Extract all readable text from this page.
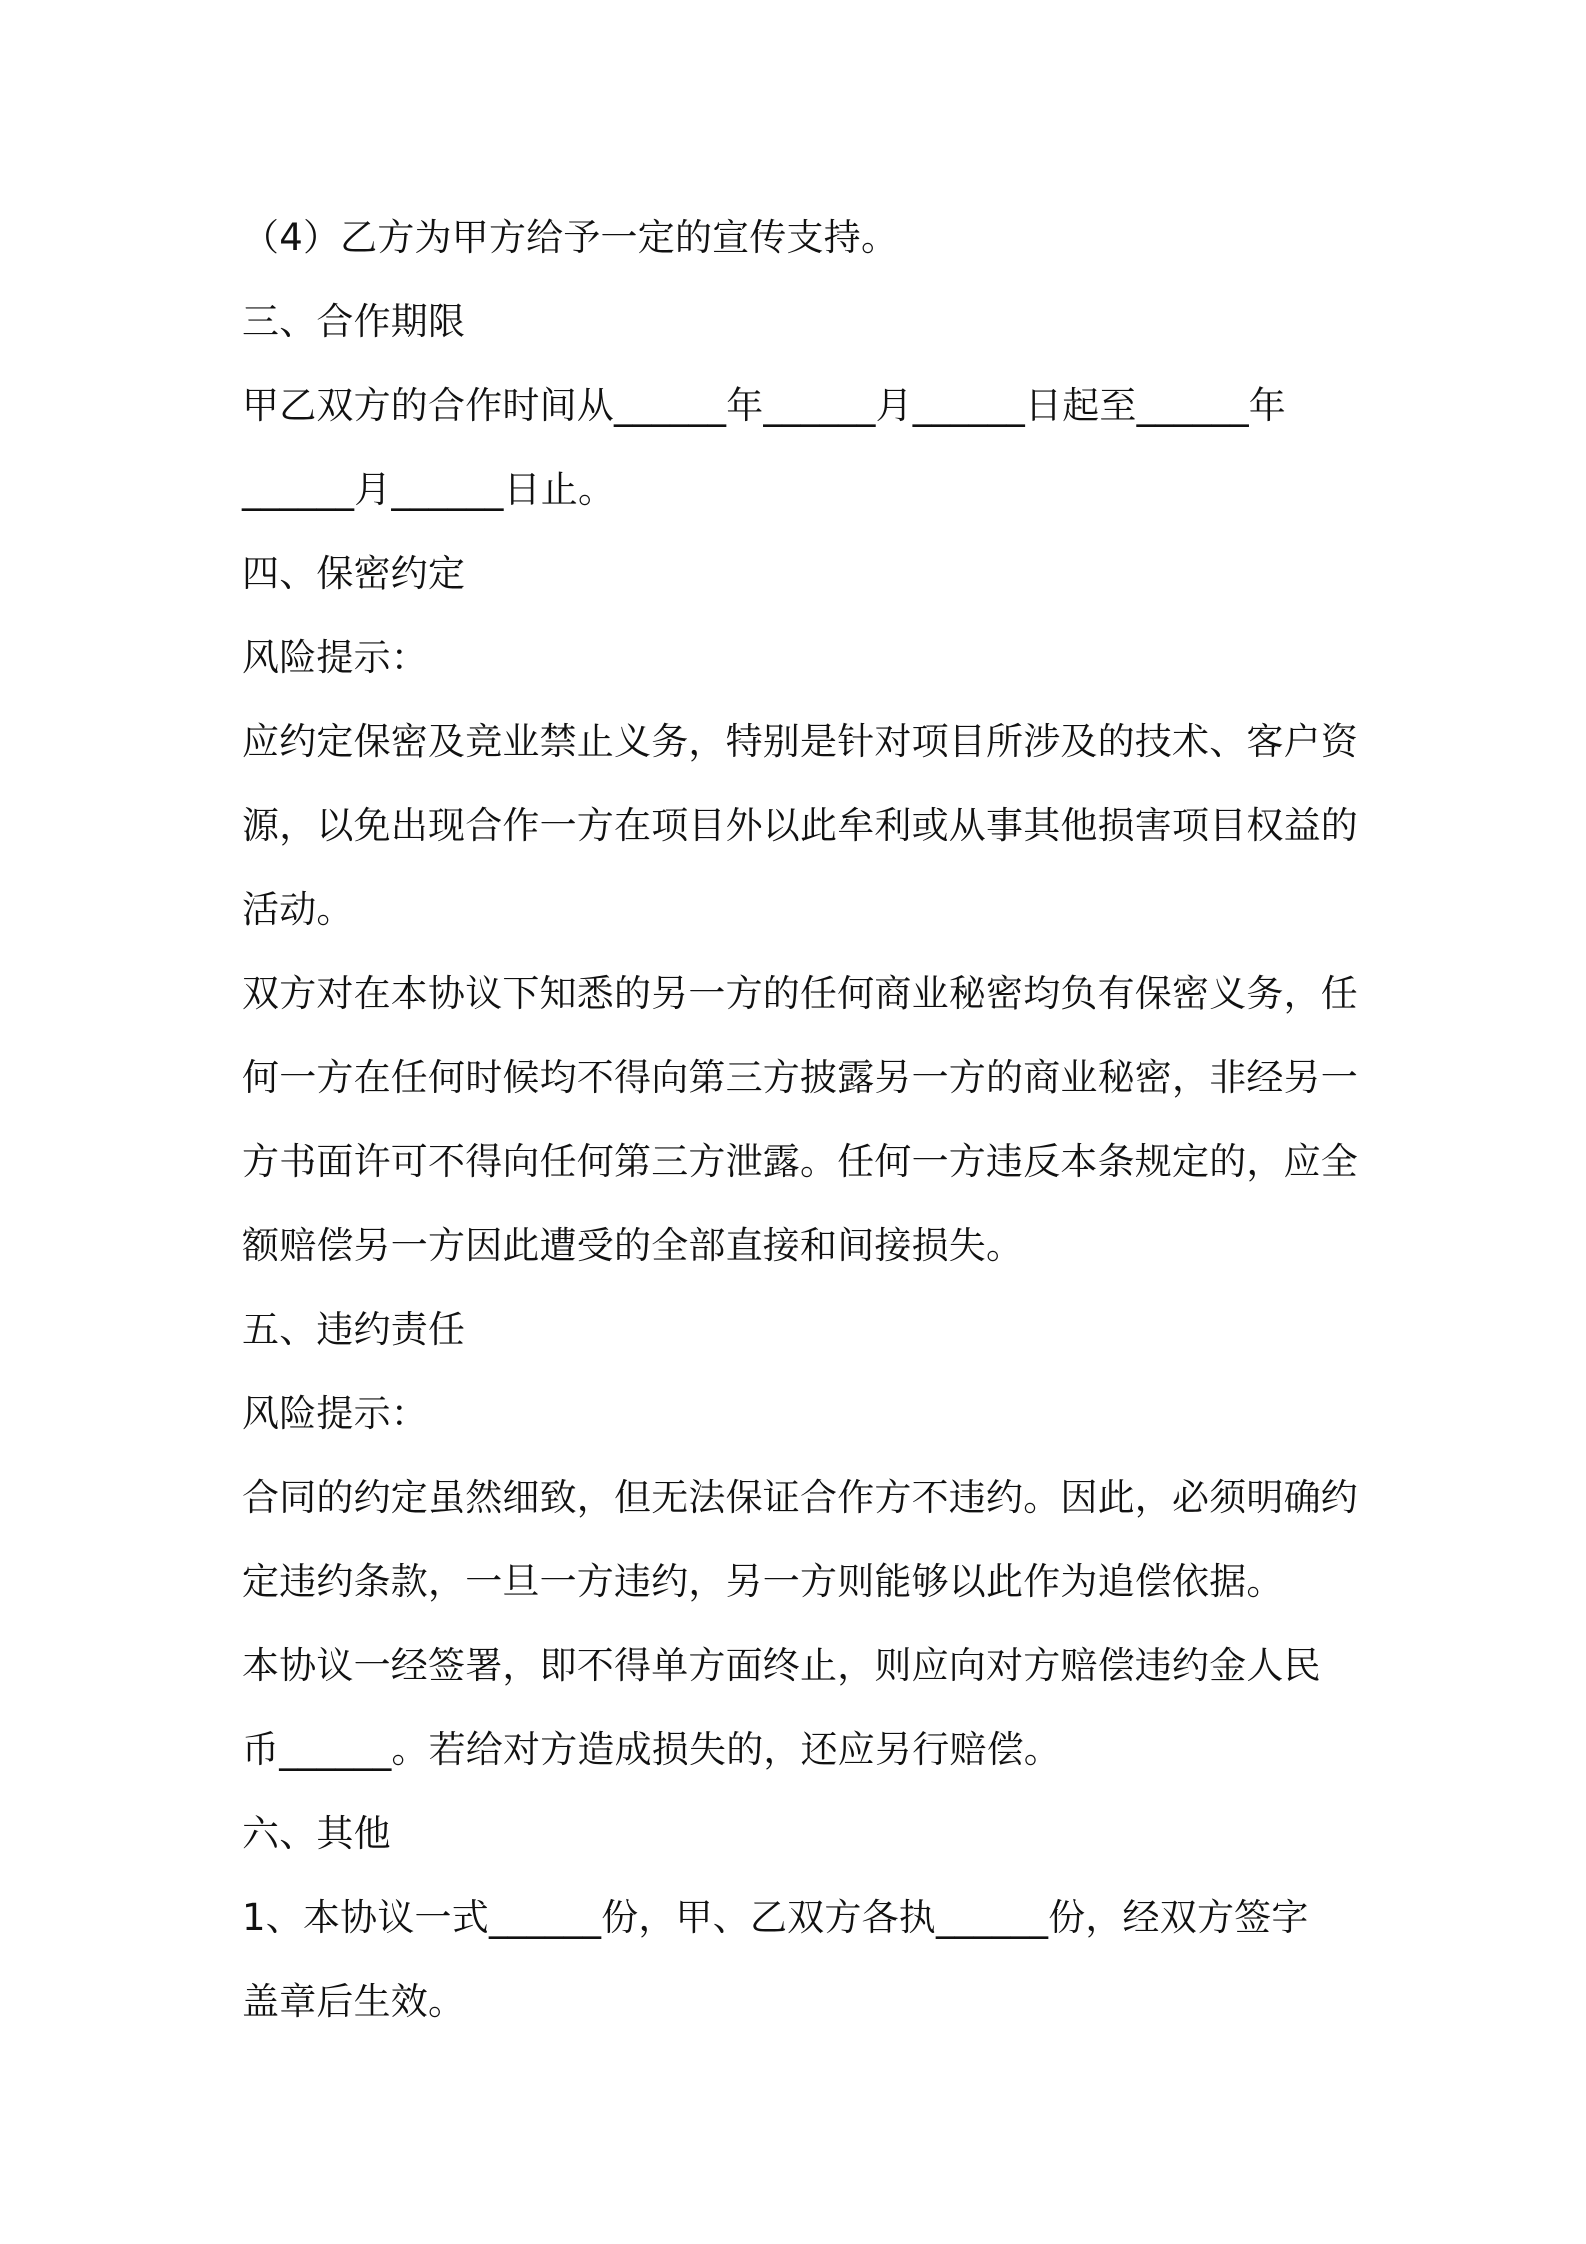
（4）乙方为甲方给予一定的宣传支持。
三、合作期限
甲乙双方的合作时间从______年______月______日起至______年
______月______日止。
四、保密约定
风险提示：
应约定保密及竞业禁止义务，特别是针对项目所涉及的技术、客户资
源，以免出现合作一方在项目外以此牟利或从事其他损害项目权益的
活动。
双方对在本协议下知悉的另一方的任何商业秘密均负有保密义务，任
何一方在任何时候均不得向第三方披露另一方的商业秘密，非经另一
方书面许可不得向任何第三方泄露。任何一方违反本条规定的，应全
额赔偿另一方因此遭受的全部直接和间接损失。
五、违约责任
风险提示：
合同的约定虽然细致，但无法保证合作方不违约。因此，必须明确约
定违约条款，一旦一方违约，另一方则能够以此作为追偿依据。
本协议一经签署，即不得单方面终止，则应向对方赔偿违约金人民
币______。若给对方造成损失的，还应另行赔偿。
六、其他
1、本协议一式______份，甲、乙双方各执______份，经双方签字
盖章后生效。
